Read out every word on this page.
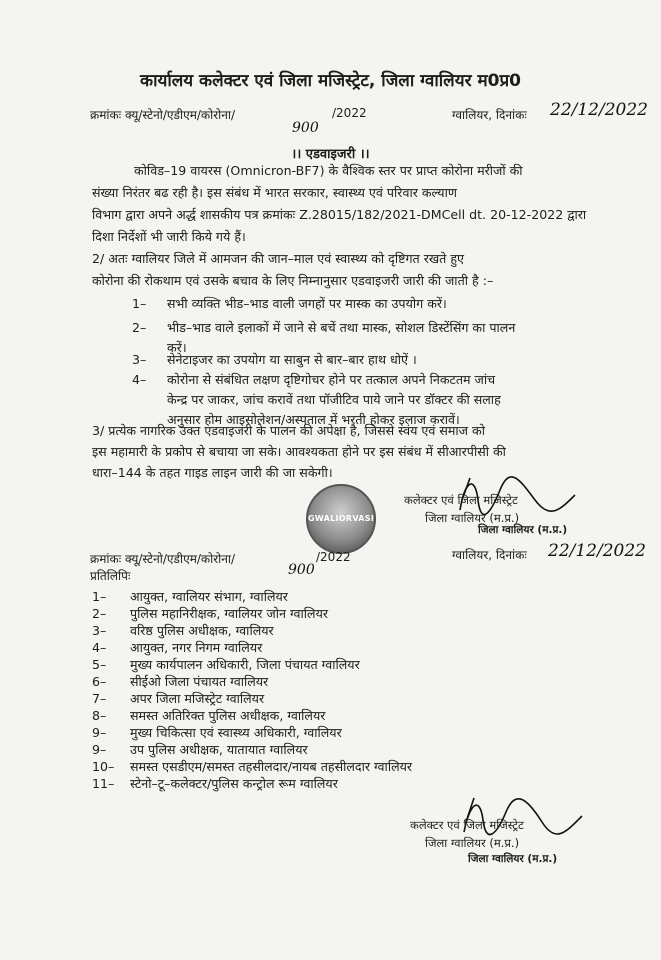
कार्यालय कलेक्टर एवं जिला मजिस्ट्रेट, जिला ग्वालियर म0प्र0
क्रमांकः क्यू/स्टेनो/एडीएम/कोरोना/	/2022
900
ग्वालियर, दिनांकः 22/12/2022
।। एडवाइजरी ।।
कोविड–19 वायरस (Omnicron-BF7) के वैश्विक स्तर पर प्राप्त कोरोना मरीजों की
संख्या निरंतर बढ रही है। इस संबंध में भारत सरकार, स्वास्थ्य एवं परिवार कल्याण
विभाग द्वारा अपने अर्द्ध शासकीय पत्र क्रमांकः Z.28015/182/2021-DMCell dt. 20-12-2022 द्वारा
दिशा निर्देशों भी जारी किये गये हैं।
2/ अतः ग्वालियर जिले में आमजन की जान–माल एवं स्वास्थ्य को दृष्टिगत रखते हुए
कोरोना की रोकथाम एवं उसके बचाव के लिए निम्नानुसार एडवाइजरी जारी की जाती है :–
1– सभी व्यक्ति भीड–भाड वाली जगहों पर मास्क का उपयोग करें।
2– भीड–भाड वाले इलाकों में जाने से बचें तथा मास्क, सोशल डिस्टेंसिंग का पालन
करें।
3– सेनेटाइजर का उपयोग या साबुन से बार–बार हाथ धोऐं ।
4– कोरोना से संबंधित लक्षण दृष्टिगोचर होने पर तत्काल अपने निकटतम जांच
केन्द्र पर जाकर, जांच करावें तथा पॉजीटिव पाये जाने पर डॉक्टर की सलाह
अनुसार होम आइसोलेशन/अस्पताल में भरती होकर इलाज करावें।
3/ प्रत्येक नागरिक उक्त एडवाइजरी के पालन की अपेक्षा है, जिससे स्वंय एवं समाज को
इस महामारी के प्रकोप से बचाया जा सके। आवश्यकता होने पर इस संबंध में सीआरपीसी की
धारा–144 के तहत गाइड लाइन जारी की जा सकेगी।
GWALIORVASI
कलेक्टर एवं जिला मजिस्ट्रेट
जिला ग्वालियर (म.प्र.)
जिला ग्वालियर (म.प्र.)
क्रमांकः क्यू/स्टेनो/एडीएम/कोरोना/	/2022
900
ग्वालियर, दिनांकः 22/12/2022
प्रतिलिपिः
1– आयुक्त, ग्वालियर संभाग, ग्वालियर
2– पुलिस महानिरीक्षक, ग्वालियर जोन ग्वालियर
3– वरिष्ठ पुलिस अधीक्षक, ग्वालियर
4– आयुक्त, नगर निगम ग्वालियर
5– मुख्य कार्यपालन अधिकारी, जिला पंचायत ग्वालियर
6– सीईओ जिला पंचायत ग्वालियर
7– अपर जिला मजिस्ट्रेट ग्वालियर
8– समस्त अतिरिक्त पुलिस अधीक्षक, ग्वालियर
9– मुख्य चिकित्सा एवं स्वास्थ्य अधिकारी, ग्वालियर
9– उप पुलिस अधीक्षक, यातायात ग्वालियर
10– समस्त एसडीएम/समस्त तहसीलदार/नायब तहसीलदार ग्वालियर
11– स्टेनो–टू–कलेक्टर/पुलिस कन्ट्रोल रूम ग्वालियर
कलेक्टर एवं जिला मजिस्ट्रेट
जिला ग्वालियर (म.प्र.)
जिला ग्वालियर (म.प्र.)
